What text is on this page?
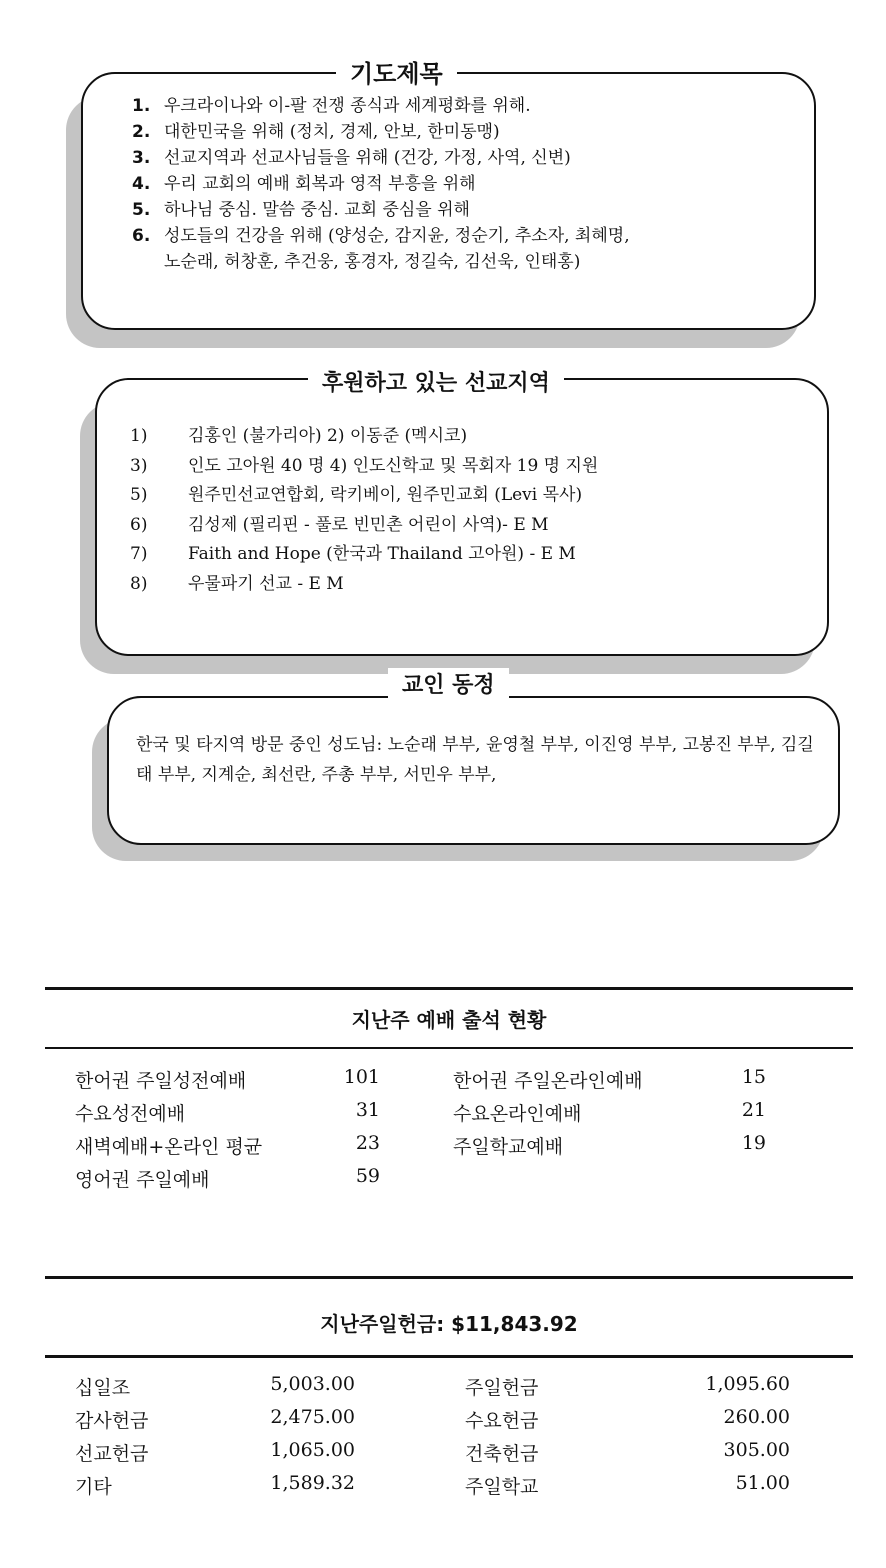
기도제목
1. 우크라이나와 이-팔 전쟁 종식과 세계평화를 위해.
2. 대한민국을 위해 (정치, 경제, 안보, 한미동맹)
3. 선교지역과 선교사님들을 위해 (건강, 가정, 사역, 신변)
4. 우리 교회의 예배 회복과 영적 부흥을 위해
5. 하나님 중심. 말씀 중심. 교회 중심을 위해
6. 성도들의 건강을 위해 (양성순, 감지윤, 정순기, 추소자, 최혜명,
노순래, 허창훈, 추건웅, 홍경자, 정길숙, 김선욱, 인태홍)
후원하고 있는 선교지역
1)	김홍인 (불가리아) 2) 이동준 (멕시코)
3)	인도 고아원 40 명 4) 인도신학교 및 목회자 19 명 지원
5)	원주민선교연합회, 락키베이, 원주민교회 (Levi 목사)
6)	김성제 (필리핀 - 풀로 빈민촌 어린이 사역)- E M
7)	Faith and Hope (한국과 Thailand 고아원) - E M
8)	우물파기 선교 - E M
교인 동정
한국 및 타지역 방문 중인 성도님: 노순래 부부, 윤영철 부부, 이진영 부부, 고봉진 부부, 김길태 부부, 지계순, 최선란, 주총 부부, 서민우 부부,
지난주 예배 출석 현황
한어권 주일성전예배	101	한어권 주일온라인예배	15
수요성전예배	31	수요온라인예배	21
새벽예배+온라인 평균	23	주일학교예배	19
영어권 주일예배	59
지난주일헌금: $11,843.92
십일조	5,003.00	주일헌금	1,095.60
감사헌금	2,475.00	수요헌금	260.00
선교헌금	1,065.00	건축헌금	305.00
기타	1,589.32	주일학교	51.00
